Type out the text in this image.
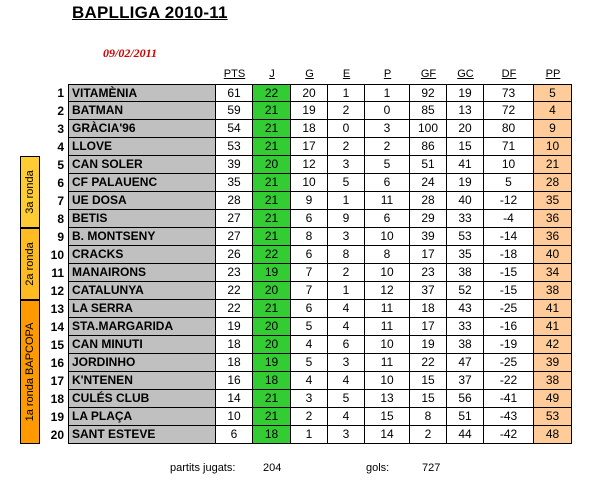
BAPLLIGA 2010-11
09/02/2011
PTS	J	G	E	P	GF	GC	DF	PP
3a ronda
2a ronda
1a ronda BAPCOPA
1 VITAMÈNIA	61	22	20	1	1	92	19	73	5
2 BATMAN	59	21	19	2	0	85	13	72	4
3 GRÀCIA'96	54	21	18	0	3	100	20	80	9
4 LLOVE	53	21	17	2	2	86	15	71	10
5 CAN SOLER	39	20	12	3	5	51	41	10	21
6 CF PALAUENC	35	21	10	5	6	24	19	5	28
7 UE DOSA	28	21	9	1	11	28	40	-12	35
8 BETIS	27	21	6	9	6	29	33	-4	36
9 B. MONTSENY	27	21	8	3	10	39	53	-14	36
10 CRACKS	26	22	6	8	8	17	35	-18	40
11 MANAIRONS	23	19	7	2	10	23	38	-15	34
12 CATALUNYA	22	20	7	1	12	37	52	-15	38
13 LA SERRA	22	21	6	4	11	18	43	-25	41
14 STA.MARGARIDA	19	20	5	4	11	17	33	-16	41
15 CAN MINUTI	18	20	4	6	10	19	38	-19	42
16 JORDINHO	18	19	5	3	11	22	47	-25	39
17 K'NTENEN	16	18	4	4	10	15	37	-22	38
18 CULÉS CLUB	14	21	3	5	13	15	56	-41	49
19 LA PLAÇA	10	21	2	4	15	8	51	-43	53
20 SANT ESTEVE	6	18	1	3	14	2	44	-42	48
partits jugats:	204	gols:	727
